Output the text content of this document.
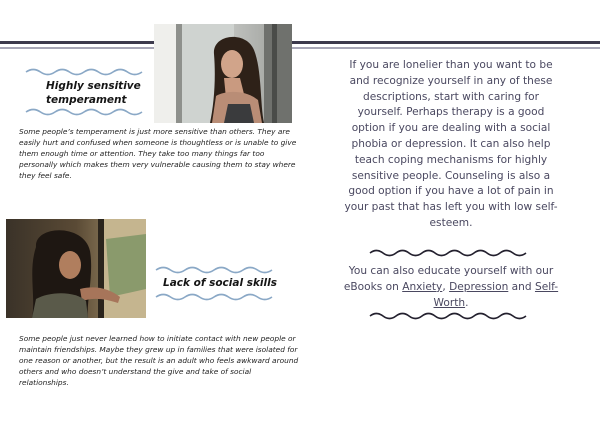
Highly sensitive
temperament
Some people’s temperament is just more sensitive than others. They are easily hurt and confused when someone is thoughtless or is unable to give them enough time or attention. They take too many things far too personally which makes them very vulnerable causing them to stay where they feel safe.
Lack of social skills
Some people just never learned how to initiate contact with new people or maintain friendships. Maybe they grew up in families that were isolated for one reason or another, but the result is an adult who feels awkward around others and who doesn’t understand the give and take of social relationships.
If you are lonelier than you want to be and recognize yourself in any of these descriptions, start with caring for yourself. Perhaps therapy is a good option if you are dealing with a social phobia or depression. It can also help teach coping mechanisms for highly sensitive people. Counseling is also a good option if you have a lot of pain in your past that has left you with low self-esteem.
You can also educate yourself with our eBooks on Anxiety, Depression and Self-Worth.
